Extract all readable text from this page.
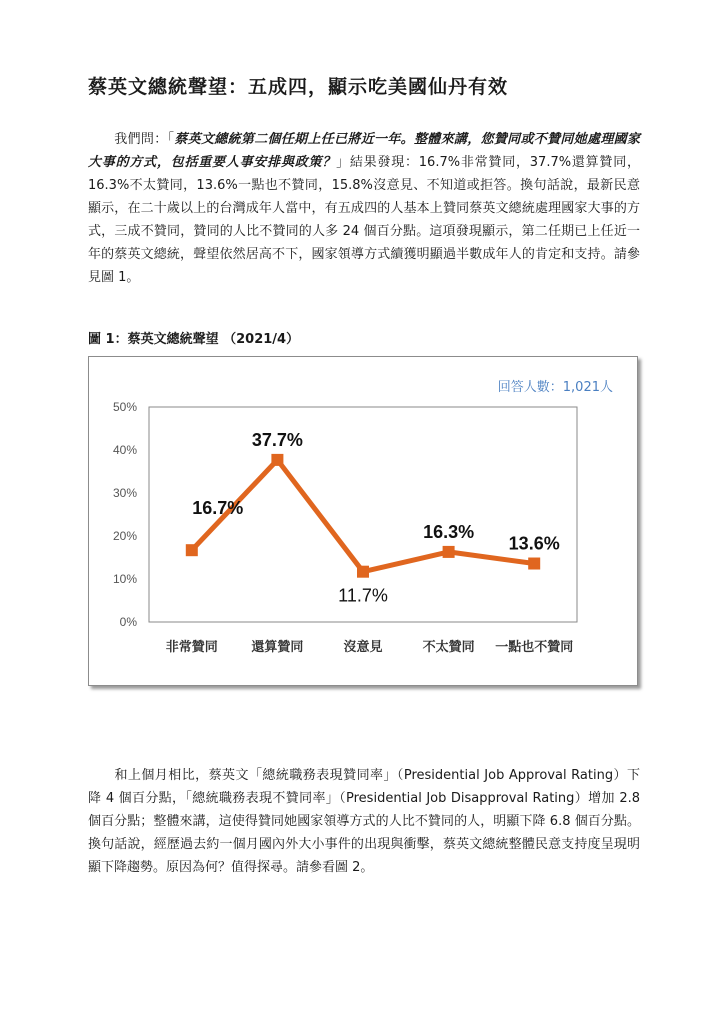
蔡英文總統聲望：五成四，顯示吃美國仙丹有效

我們問：「蔡英文總統第二個任期上任已將近一年。整體來講，您贊同或不贊同她處理國家大事的方式，包括重要人事安排與政策？」結果發現：16.7%非常贊同，37.7%還算贊同，16.3%不太贊同，13.6%一點也不贊同，15.8%沒意見、不知道或拒答。換句話說，最新民意顯示，在二十歲以上的台灣成年人當中，有五成四的人基本上贊同蔡英文總統處理國家大事的方式，三成不贊同，贊同的人比不贊同的人多 24 個百分點。這項發現顯示，第二任期已上任近一年的蔡英文總統，聲望依然居高不下，國家領導方式續獲明顯過半數成年人的肯定和支持。請參見圖 1。

圖 1：蔡英文總統聲望 （2021/4）

回答人數：1,021人
0%
10%
20%
30%
40%
50%
非常贊同	還算贊同	沒意見	不太贊同 一點也不贊同
16.7%
37.7%
11.7%
16.3%
13.6%

和上個月相比，蔡英文「總統職務表現贊同率」（Presidential Job Approval Rating）下降 4 個百分點，「總統職務表現不贊同率」（Presidential Job Disapproval Rating）增加 2.8 個百分點；整體來講，這使得贊同她國家領導方式的人比不贊同的人，明顯下降 6.8 個百分點。換句話說，經歷過去約一個月國內外大小事件的出現與衝擊，蔡英文總統整體民意支持度呈現明顯下降趨勢。原因為何？值得探尋。請參看圖 2。
